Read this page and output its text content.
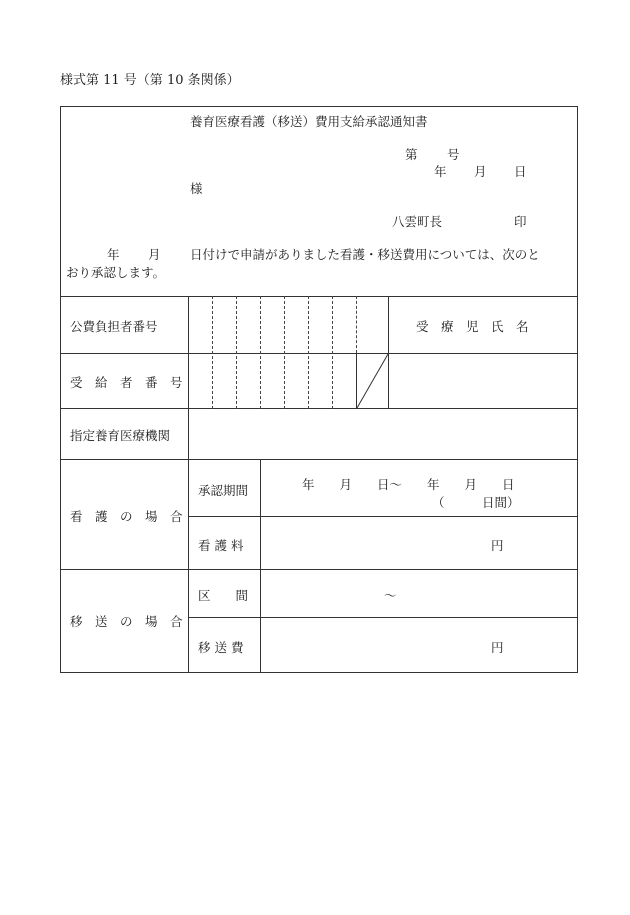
様式第 11 号（第 10 条関係）
養育医療看護（移送）費用支給承認通知書
第 号
年 月 日
様
八雲町長	印
年 月 日付けで申請がありました看護・移送費用については、次のと
おり承認します。
公費負担者番号	受　療　児　氏　名
受　給　者　番　号
指定養育医療機関
看　護　の　場　合
承認期間	年　　月　　日～　　年　　月　　日
（　　　日間）
看 護 料	円
移　送　の　場　合
区　　間	～
移 送 費	円
